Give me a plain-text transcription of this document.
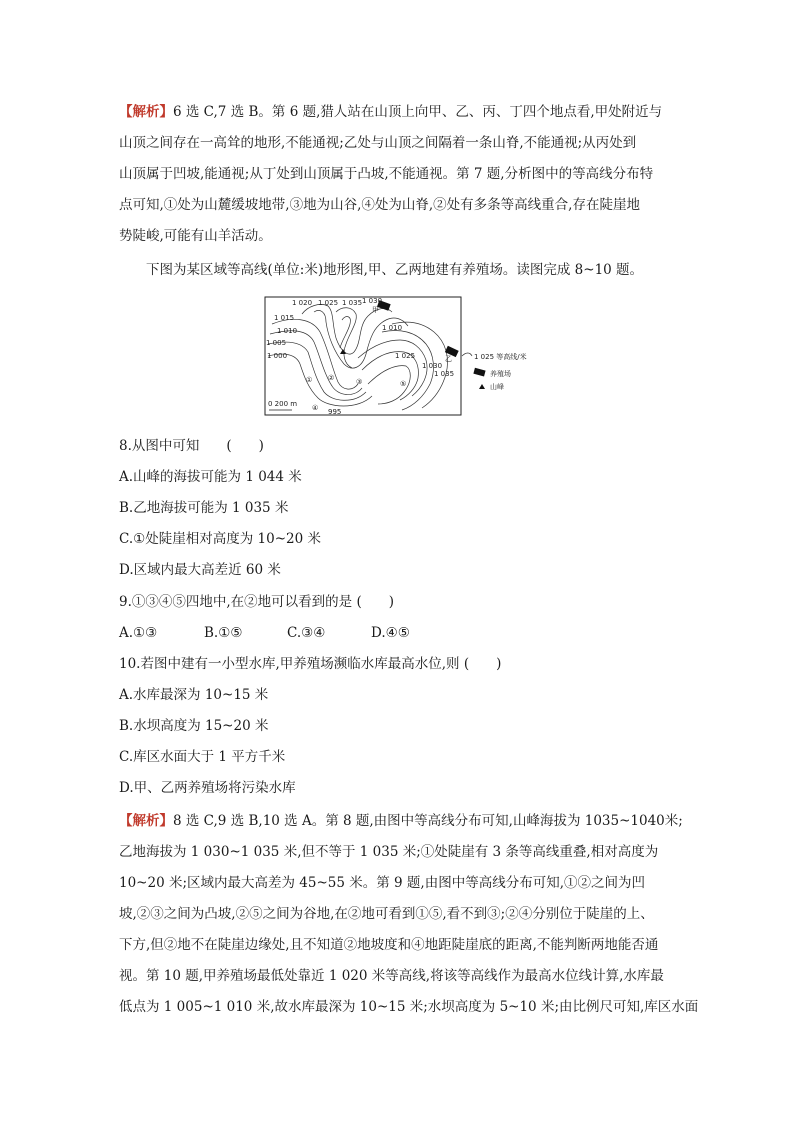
【解析】6 选 C,7 选 B。第 6 题,猎人站在山顶上向甲、乙、丙、丁四个地点看,甲处附近与
山顶之间存在一高耸的地形,不能通视;乙处与山顶之间隔着一条山脊,不能通视;从丙处到
山顶属于凹坡,能通视;从丁处到山顶属于凸坡,不能通视。第 7 题,分析图中的等高线分布特
点可知,①处为山麓缓坡地带,③地为山谷,④处为山脊,②处有多条等高线重合,存在陡崖地
势陡峻,可能有山羊活动。
下图为某区域等高线(单位:米)地形图,甲、乙两地建有养殖场。读图完成 8~10 题。
1 020 1 025 1 035 1 030
1 015
1 010
1 005
1 000
1 010
1 025
1 030
1 035
995
甲
乙
① ②	③
④
⑤
0 200 m
1 025 等高线/米
养殖场
山峰
8.从图中可知　　(　　)
A.山峰的海拔可能为 1 044 米
B.乙地海拔可能为 1 035 米
C.①处陡崖相对高度为 10~20 米
D.区域内最大高差近 60 米
9.①③④⑤四地中,在②地可以看到的是 (　　)
A.①③	B.①⑤	C.③④	D.④⑤
10.若图中建有一小型水库,甲养殖场濒临水库最高水位,则 (　　)
A.水库最深为 10~15 米
B.水坝高度为 15~20 米
C.库区水面大于 1 平方千米
D.甲、乙两养殖场将污染水库
【解析】8 选 C,9 选 B,10 选 A。第 8 题,由图中等高线分布可知,山峰海拔为 1035~1040米;
乙地海拔为 1 030~1 035 米,但不等于 1 035 米;①处陡崖有 3 条等高线重叠,相对高度为
10~20 米;区域内最大高差为 45~55 米。第 9 题,由图中等高线分布可知,①②之间为凹
坡,②③之间为凸坡,②⑤之间为谷地,在②地可看到①⑤,看不到③;②④分别位于陡崖的上、
下方,但②地不在陡崖边缘处,且不知道②地坡度和④地距陡崖底的距离,不能判断两地能否通
视。第 10 题,甲养殖场最低处靠近 1 020 米等高线,将该等高线作为最高水位线计算,水库最
低点为 1 005~1 010 米,故水库最深为 10~15 米;水坝高度为 5~10 米;由比例尺可知,库区水面
